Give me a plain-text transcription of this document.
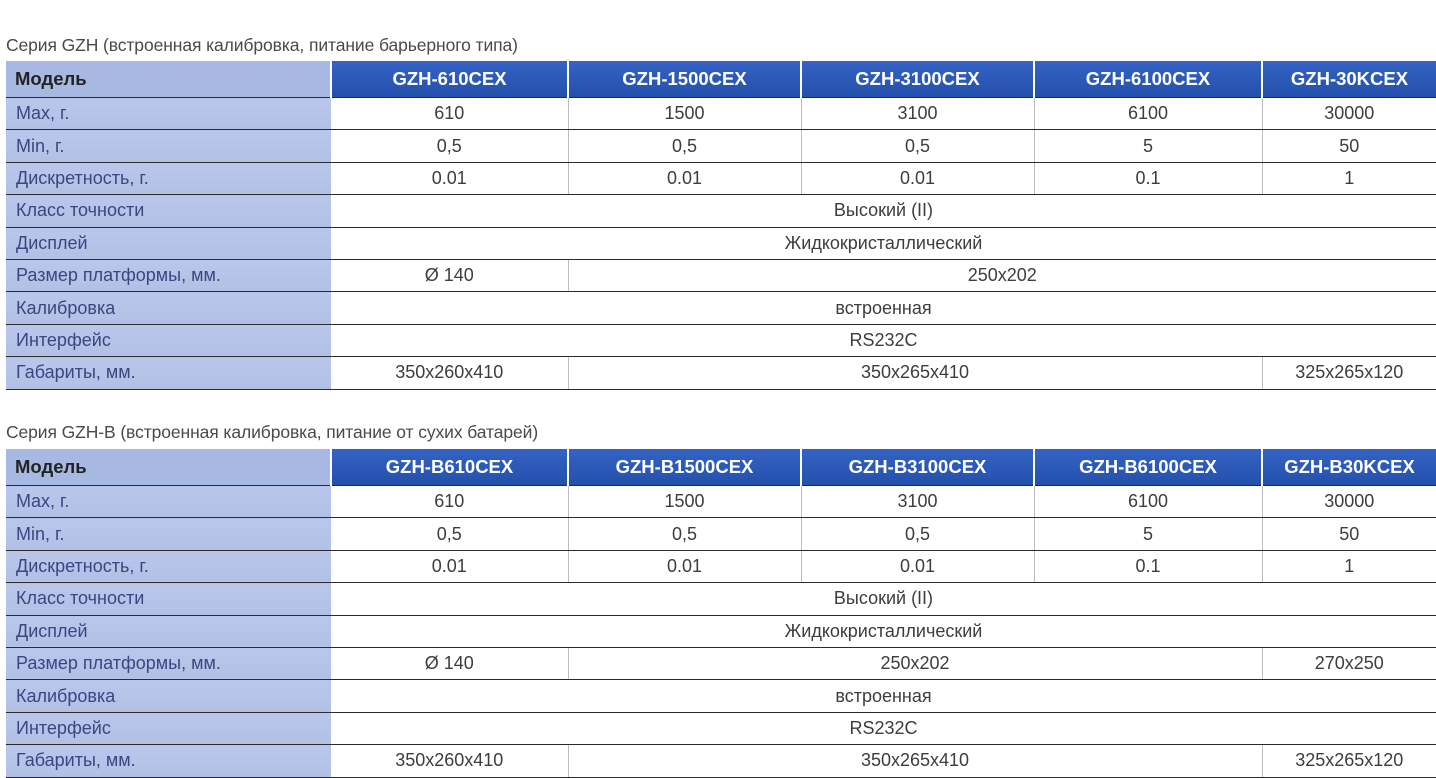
Серия GZH (встроенная калибровка, питание барьерного типа)
Модель	GZH-610CEX	GZH-1500CEX	GZH-3100CEX	GZH-6100CEX	GZH-30KCEX
Max, г.	610	1500	3100	6100	30000
Min, г.	0,5	0,5	0,5	5	50
Дискретность, г.	0.01	0.01	0.01	0.1	1
Класс точности	Высокий (II)				
Дисплей	Жидкокристаллический				
Размер платформы, мм.	Ø 140	250x202			
Калибровка	встроенная				
Интерфейс	RS232C				
Габариты, мм.	350x260x410	350x265x410			325x265x120
Серия GZH-B (встроенная калибровка, питание от сухих батарей)
Модель	GZH-B610CEX	GZH-B1500CEX	GZH-B3100CEX	GZH-B6100CEX	GZH-B30KCEX
Max, г.	610	1500	3100	6100	30000
Min, г.	0,5	0,5	0,5	5	50
Дискретность, г.	0.01	0.01	0.01	0.1	1
Класс точности	Высокий (II)				
Дисплей	Жидкокристаллический				
Размер платформы, мм.	Ø 140	250x202			270x250
Калибровка	встроенная				
Интерфейс	RS232C				
Габариты, мм.	350x260x410	350x265x410			325x265x120
